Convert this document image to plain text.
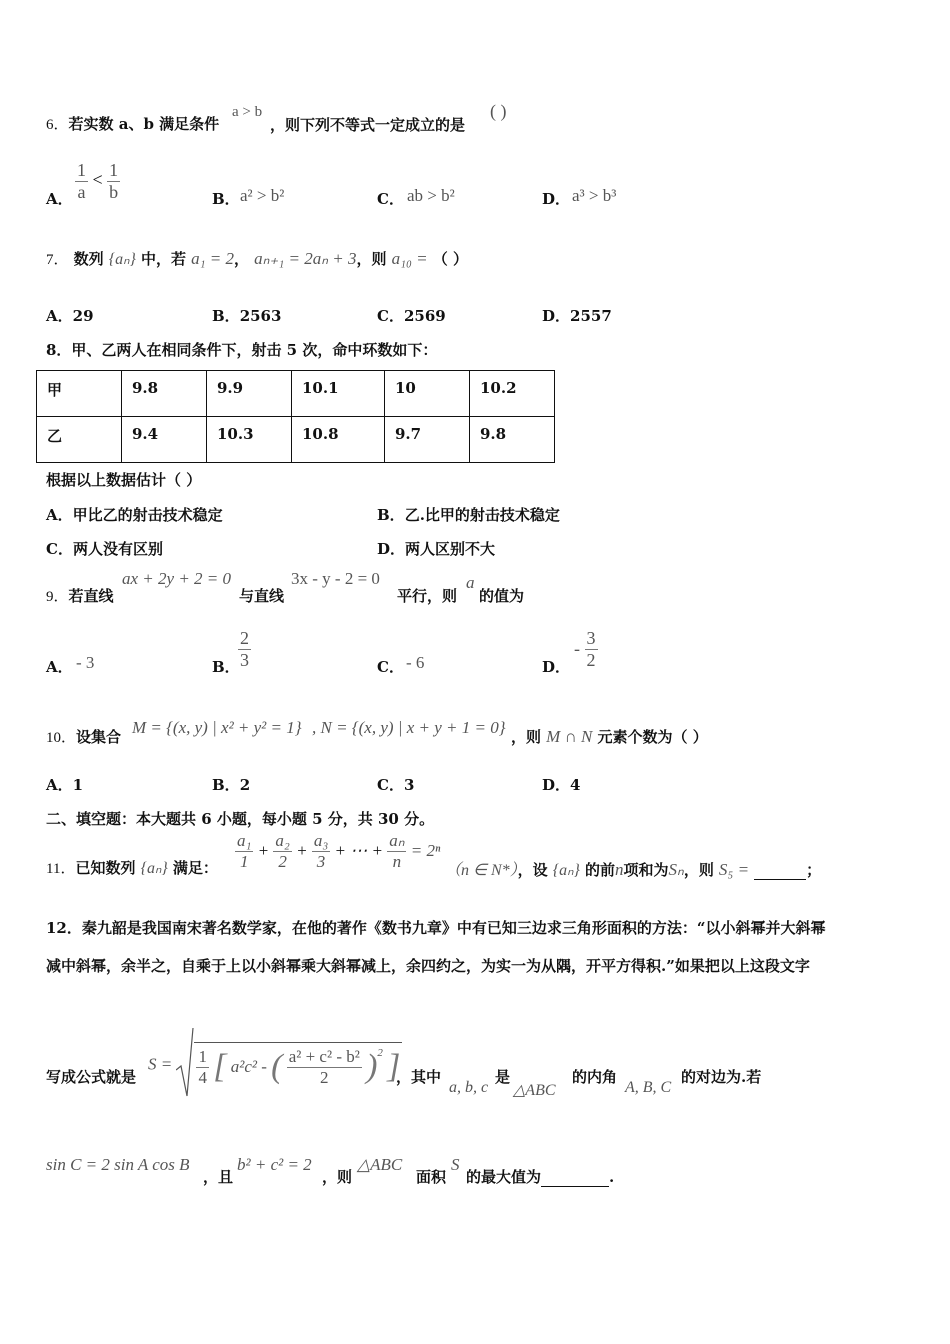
6．若实数 a、b 满足条件
a > b
，则下列不等式一定成立的是
( )
A． $\frac{1}{a} < \frac{1}{b}$	B． a² > b²	C． ab > b²	D． a³ > b³
7． 数列 {aₙ} 中，若 a₁ = 2， aₙ₊₁ = 2aₙ + 3，则 a₁₀ = （ ）
A．29	B．2563	C．2569	D．2557
8．甲、乙两人在相同条件下，射击 5 次，命中环数如下：
甲	9.8	9.9	10.1	10	10.2
乙	9.4	10.3	10.8	9.7	9.8
根据以上数据估计（ ）
A．甲比乙的射击技术稳定	B．乙.比甲的射击技术稳定
C．两人没有区别	D．两人区别不大
9．若直线
ax + 2y + 2 = 0
与直线
3x - y - 2 = 0
平行，则
a
的值为
A． - 3	B．
$\frac{2}{3}$	C． - 6	D．
- $\frac{3}{2}$
10．设集合 M = {(x, y) | x² + y² = 1} , N = {(x, y) | x + y + 1 = 0} ，则 M ∩ N 元素个数为（ ）
A．1	B．2	C．3	D．4
二、填空题：本大题共 6 小题，每小题 5 分，共 30 分。
11．已知数列 {aₙ} 满足： $\frac{\text{a₁}}{1} + \frac{\text{a₂}}{2} + \frac{\text{a₃}}{3}$ + ⋯ + $\frac{\text{aₙ}}{n} = 2^n$
（n ∈ N*），设 {aₙ} 的前n项和为Sₙ，则 S₅ =	；
12．秦九韶是我国南宋著名数学家，在他的著作《数书九章》中有已知三边求三角形面积的方法：“以小斜幂并大斜幂
减中斜幂，余半之，自乘于上以小斜幂乘大斜幂减上，余四约之，为实一为从隅，开平方得积.”如果把以上这段文字
写成公式就是
$S = \frac{1}{4}$ [ a²c² - ( $\frac{\text{a² + c² - b²}}{2} )^2$ ]
，其中
a, b, c
是
△ABC
的内角
A, B, C
的对边为.若
sin C = 2 sin A cos B
，且
b² + c² = 2
，则
△ABC
面积
S
的最大值为	.
